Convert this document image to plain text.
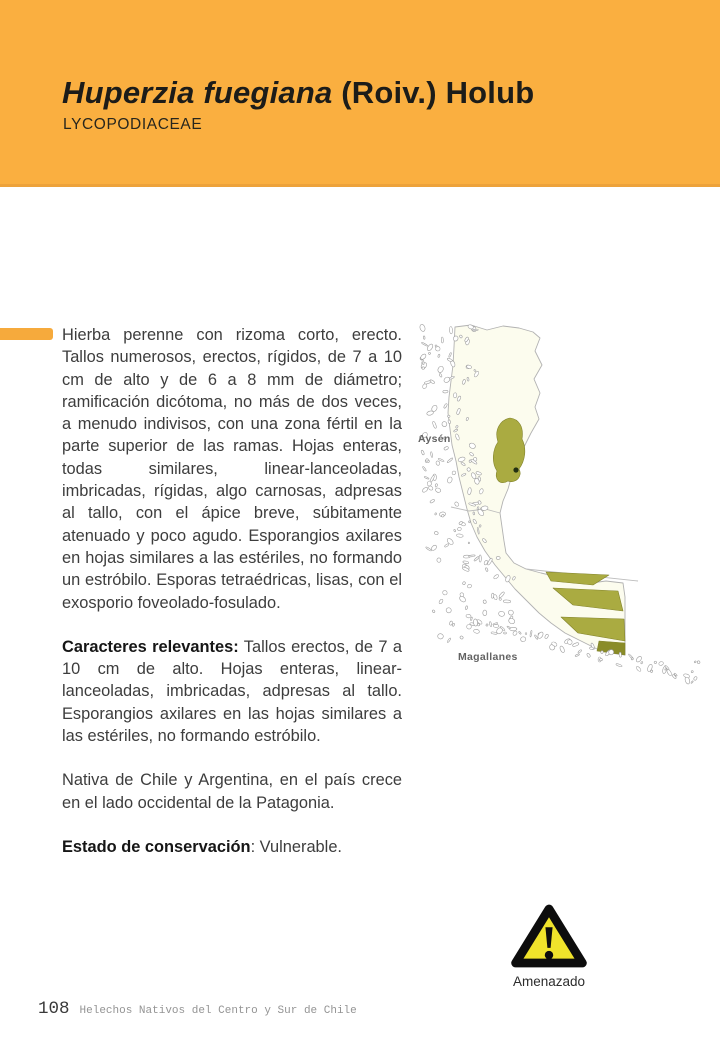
Huperzia fuegiana (Roiv.) Holub
LYCOPODIACEAE

Hierba perenne con rizoma corto, erecto. Tallos numerosos, erectos, rígidos, de 7 a 10 cm de alto y de 6 a 8 mm de diámetro; ramificación dicótoma, no más de dos veces, a menudo indivisos, con una zona fértil en la parte superior de las ramas. Hojas enteras, todas similares, linear-lanceoladas, imbricadas, rígidas, algo carnosas, adpresas al tallo, con el ápice breve, súbitamente atenuado y poco agudo. Esporangios axilares en hojas similares a las estériles, no formando un estróbilo. Esporas tetraédricas, lisas, con el exosporio foveolado-fosulado.

Caracteres relevantes: Tallos erectos, de 7 a 10 cm de alto. Hojas enteras, linear-lanceoladas, imbricadas, adpresas al tallo. Esporangios axilares en las hojas similares a las estériles, no formando estróbilo.

Nativa de Chile y Argentina, en el país crece en el lado occidental de la Patagonia.

Estado de conservación: Vulnerable.

Aysén
Magallanes
Amenazado
108 Helechos Nativos del Centro y Sur de Chile
